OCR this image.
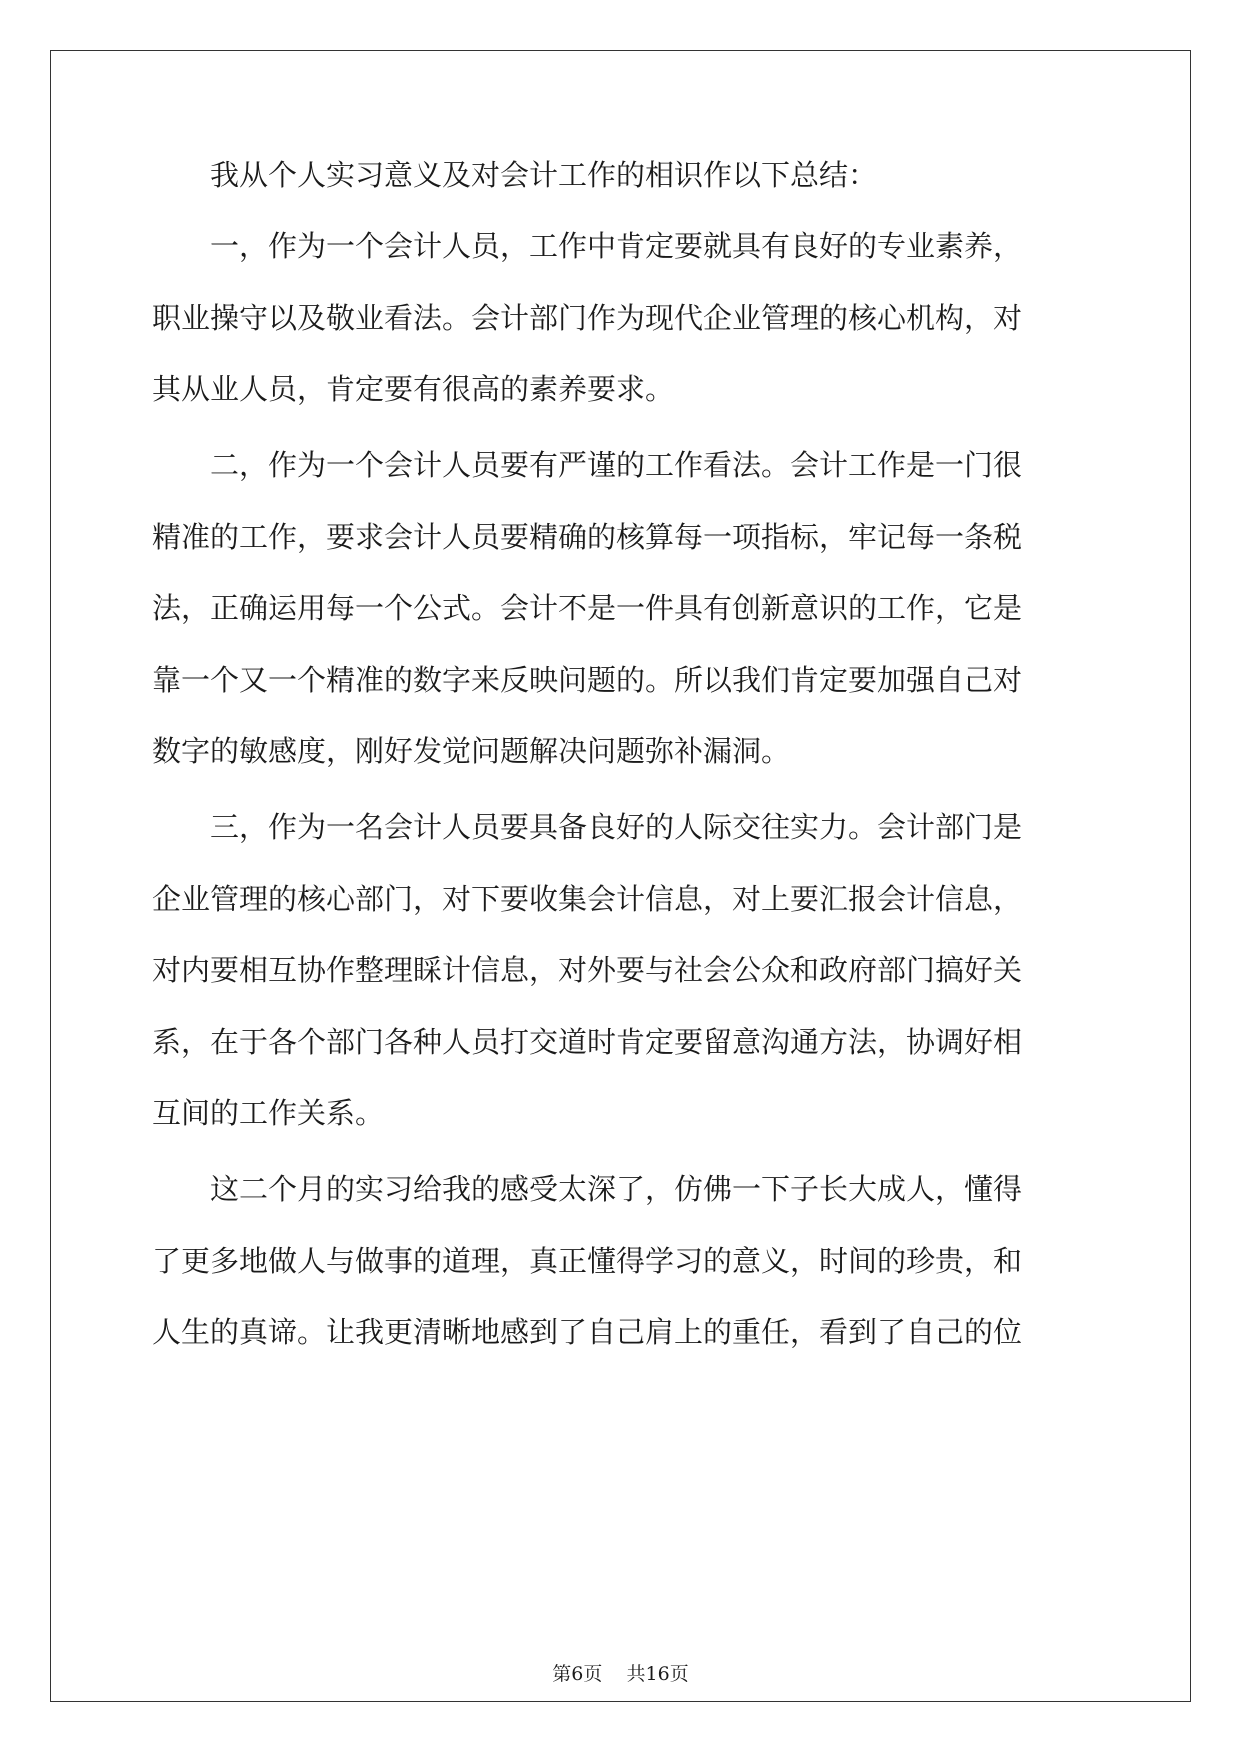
　　我从个人实习意义及对会计工作的相识作以下总结：
　　一，作为一个会计人员，工作中肯定要就具有良好的专业素养，
职业操守以及敬业看法。会计部门作为现代企业管理的核心机构，对
其从业人员，肯定要有很高的素养要求。
　　二，作为一个会计人员要有严谨的工作看法。会计工作是一门很
精准的工作，要求会计人员要精确的核算每一项指标，牢记每一条税
法，正确运用每一个公式。会计不是一件具有创新意识的工作，它是
靠一个又一个精准的数字来反映问题的。所以我们肯定要加强自己对
数字的敏感度，刚好发觉问题解决问题弥补漏洞。
　　三，作为一名会计人员要具备良好的人际交往实力。会计部门是
企业管理的核心部门，对下要收集会计信息，对上要汇报会计信息，
对内要相互协作整理睬计信息，对外要与社会公众和政府部门搞好关
系，在于各个部门各种人员打交道时肯定要留意沟通方法，协调好相
互间的工作关系。
　　这二个月的实习给我的感受太深了，仿佛一下子长大成人，懂得
了更多地做人与做事的道理，真正懂得学习的意义，时间的珍贵，和
人生的真谛。让我更清晰地感到了自己肩上的重任，看到了自己的位
第6页 共16页
